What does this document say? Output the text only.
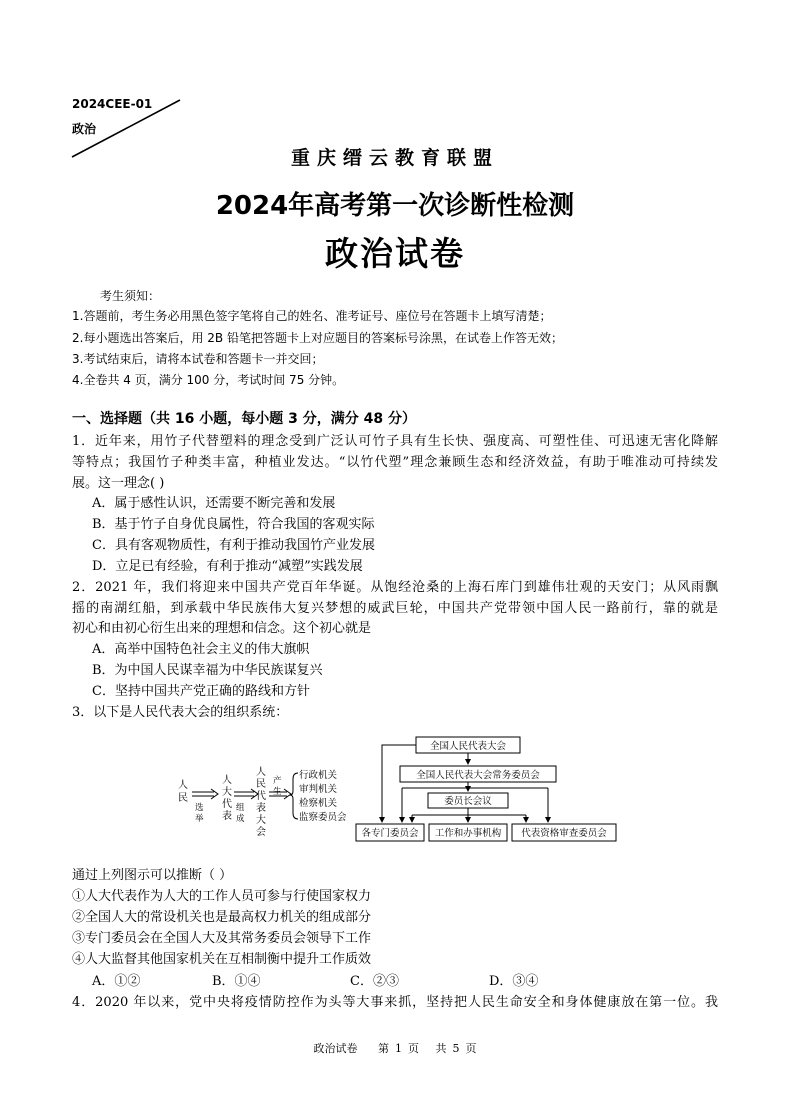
2024CEE-01
政治
重庆缙云教育联盟
2024年高考第一次诊断性检测
政治试卷
考生须知：
1.答题前，考生务必用黑色签字笔将自己的姓名、准考证号、座位号在答题卡上填写清楚；
2.每小题选出答案后，用 2B 铅笔把答题卡上对应题目的答案标号涂黑，在试卷上作答无效；
3.考试结束后，请将本试卷和答题卡一并交回；
4.全卷共 4 页，满分 100 分，考试时间 75 分钟。
一、选择题（共 16 小题，每小题 3 分，满分 48 分）
1．近年来，用竹子代替塑料的理念受到广泛认可竹子具有生长快、强度高、可塑性佳、可迅速无害化降解
等特点；我国竹子种类丰富，种植业发达。“以竹代塑”理念兼顾生态和经济效益，有助于唯准动可持续发
展。这一理念( )
A．属于感性认识，还需要不断完善和发展
B．基于竹子自身优良属性，符合我国的客观实际
C．具有客观物质性，有利于推动我国竹产业发展
D．立足已有经验，有利于推动“减塑”实践发展
2．2021 年，我们将迎来中国共产党百年华诞。从饱经沧桑的上海石库门到雄伟壮观的天安门；从风雨飘
摇的南湖红船，到承载中华民族伟大复兴梦想的威武巨轮，中国共产党带领中国人民一路前行，靠的就是
初心和由初心衍生出来的理想和信念。这个初心就是
A．高举中国特色社会主义的伟大旗帜
B．为中国人民谋幸福为中华民族谋复兴
C．坚持中国共产党正确的路线和方针
3．以下是人民代表大会的组织系统：
人
民
选
举
人
大
代
表
组
成
人
民
代
表
大
会
产
生
行政机关
审判机关
检察机关
监察委员会
全国人民代表大会
全国人民代表大会常务委员会
委员长会议
各专门委员会 工作和办事机构 代表资格审查委员会
通过上列图示可以推断（ ）
①人大代表作为人大的工作人员可参与行使国家权力
②全国人大的常设机关也是最高权力机关的组成部分
③专门委员会在全国人大及其常务委员会领导下工作
④人大监督其他国家机关在互相制衡中提升工作质效
A．①②	B．①④	C．②③	D．③④
4．2020 年以来，党中央将疫情防控作为头等大事来抓，坚持把人民生命安全和身体健康放在第一位。我
政治试卷 第 1 页 共 5 页
